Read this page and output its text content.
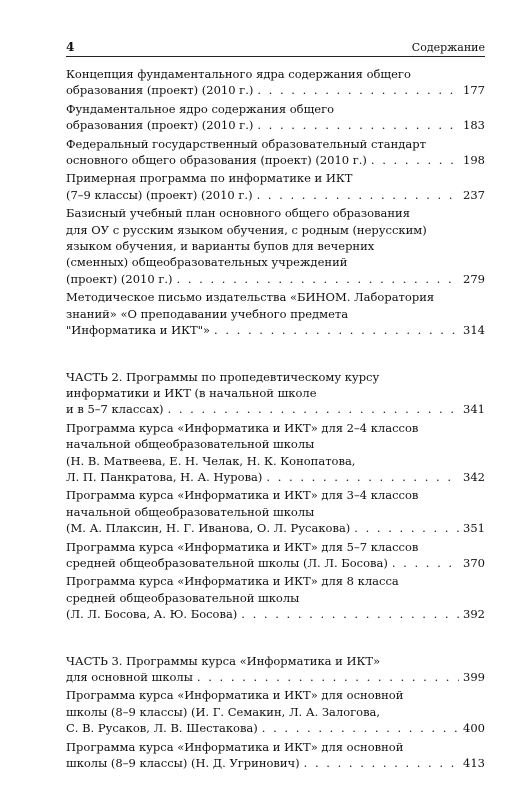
4	Содержание
Концепция фундаментального ядра содержания общего
образования (проект) (2010 г.) . . .	177
Фундаментальное ядро содержания общего
образования (проект) (2010 г.) . . .	183
Федеральный государственный образовательный стандарт
основного общего образования (проект) (2010 г.) . . .	198
Примерная программа по информатике и ИКТ
(7–9 классы) (проект) (2010 г.) . . .	237
Базисный учебный план основного общего образования
для ОУ с русским языком обучения, с родным (нерусским)
языком обучения, и варианты бупов для вечерних
(сменных) общеобразовательных учреждений
(проект) (2010 г.) . . .	279
Методическое письмо издательства «БИНОМ. Лаборатория
знаний» «О преподавании учебного предмета
"Информатика и ИКТ"» . . .	314
ЧАСТЬ 2. Программы по пропедевтическому курсу
информатики и ИКТ (в начальной школе
и в 5–7 классах) . . .	341
Программа курса «Информатика и ИКТ» для 2–4 классов
начальной общеобразовательной школы
(Н. В. Матвеева, Е. Н. Челак, Н. К. Конопатова,
Л. П. Панкратова, Н. А. Нурова) . . .	342
Программа курса «Информатика и ИКТ» для 3–4 классов
начальной общеобразовательной школы
(М. А. Плаксин, Н. Г. Иванова, О. Л. Русакова) . . .	351
Программа курса «Информатика и ИКТ» для 5–7 классов
средней общеобразовательной школы (Л. Л. Босова) . . .	370
Программа курса «Информатика и ИКТ» для 8 класса
средней общеобразовательной школы
(Л. Л. Босова, А. Ю. Босова) . . .	392
ЧАСТЬ 3. Программы курса «Информатика и ИКТ»
для основной школы . . .	399
Программа курса «Информатика и ИКТ» для основной
школы (8–9 классы) (И. Г. Семакин, Л. А. Залогова,
С. В. Русаков, Л. В. Шестакова) . . .	400
Программа курса «Информатика и ИКТ» для основной
школы (8–9 классы) (Н. Д. Угринович) . . .	413
